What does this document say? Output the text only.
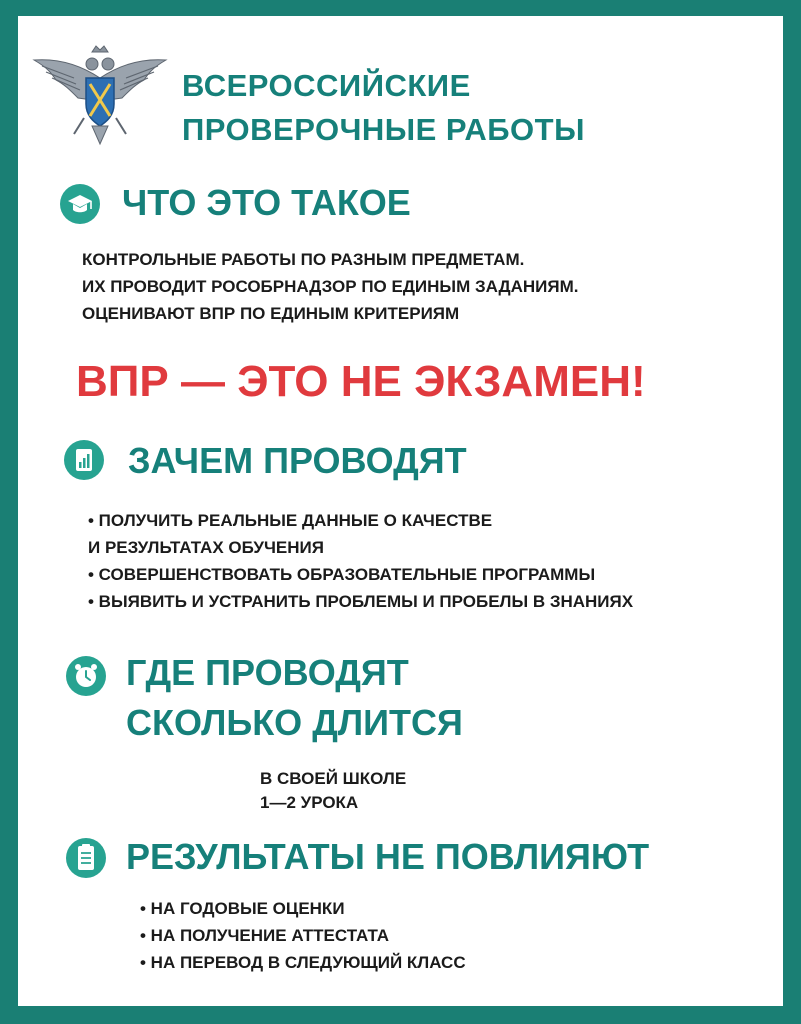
ВСЕРОССИЙСКИЕ
ПРОВЕРОЧНЫЕ РАБОТЫ
ЧТО ЭТО ТАКОЕ
КОНТРОЛЬНЫЕ РАБОТЫ ПО РАЗНЫМ ПРЕДМЕТАМ.
ИХ ПРОВОДИТ РОСОБРНАДЗОР ПО ЕДИНЫМ ЗАДАНИЯМ.
ОЦЕНИВАЮТ ВПР ПО ЕДИНЫМ КРИТЕРИЯМ
ВПР — ЭТО НЕ ЭКЗАМЕН!
ЗАЧЕМ ПРОВОДЯТ
• ПОЛУЧИТЬ РЕАЛЬНЫЕ ДАННЫЕ О КАЧЕСТВЕ
И РЕЗУЛЬТАТАХ ОБУЧЕНИЯ
• СОВЕРШЕНСТВОВАТЬ ОБРАЗОВАТЕЛЬНЫЕ ПРОГРАММЫ
• ВЫЯВИТЬ И УСТРАНИТЬ ПРОБЛЕМЫ И ПРОБЕЛЫ В ЗНАНИЯХ
ГДЕ ПРОВОДЯТ
СКОЛЬКО ДЛИТСЯ
В СВОЕЙ ШКОЛЕ
1—2 УРОКА
РЕЗУЛЬТАТЫ НЕ ПОВЛИЯЮТ
• НА ГОДОВЫЕ ОЦЕНКИ
• НА ПОЛУЧЕНИЕ АТТЕСТАТА
• НА ПЕРЕВОД В СЛЕДУЮЩИЙ КЛАСС
